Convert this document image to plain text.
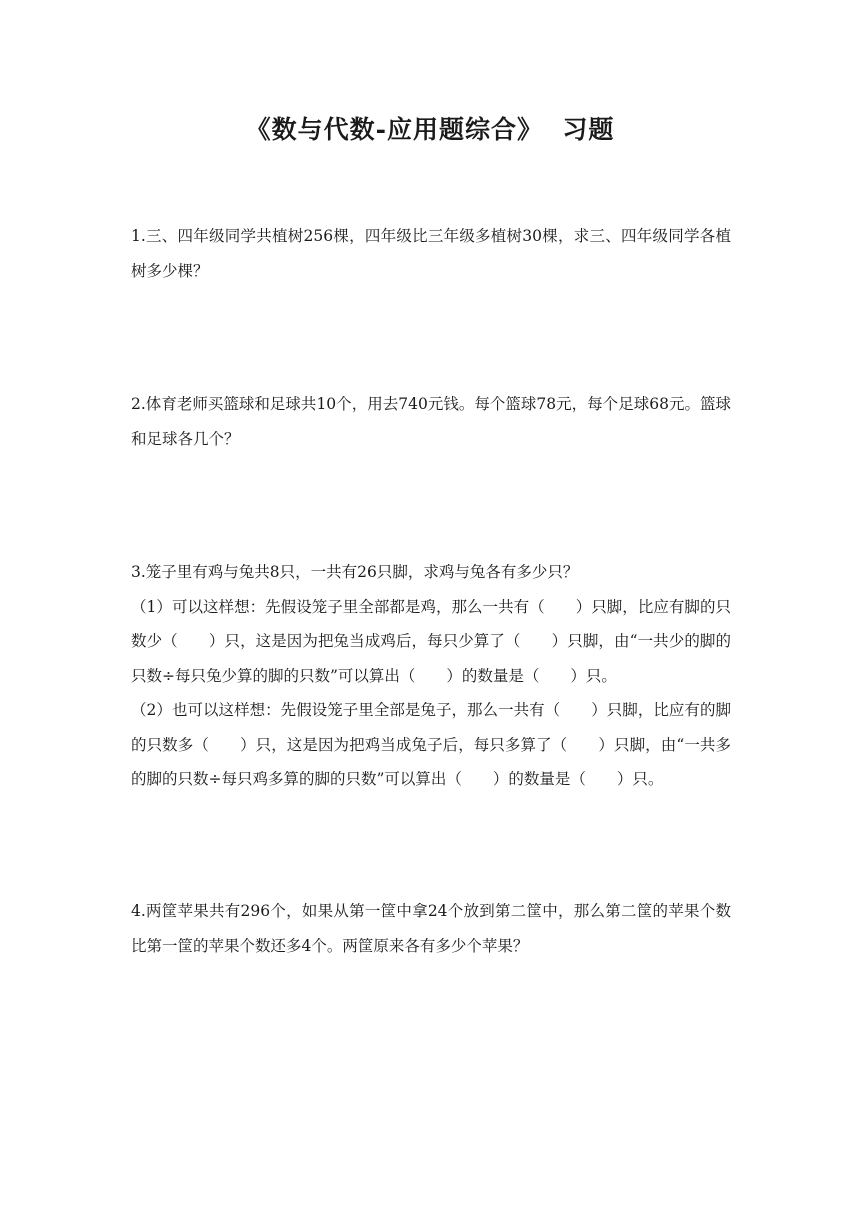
《数与代数-应用题综合》  习题

1.三、四年级同学共植树256棵，四年级比三年级多植树30棵，求三、四年级同学各植树多少棵？

2.体育老师买篮球和足球共10个，用去740元钱。每个篮球78元，每个足球68元。篮球和足球各几个？

3.笼子里有鸡与兔共8只，一共有26只脚，求鸡与兔各有多少只？

（1）可以这样想：先假设笼子里全部都是鸡，那么一共有（　　）只脚，比应有脚的只数少（　　）只，这是因为把兔当成鸡后，每只少算了（　　）只脚，由“一共少的脚的只数÷每只兔少算的脚的只数”可以算出（　　）的数量是（　　）只。

（2）也可以这样想：先假设笼子里全部是兔子，那么一共有（　　）只脚，比应有的脚的只数多（　　）只，这是因为把鸡当成兔子后，每只多算了（　　）只脚，由“一共多的脚的只数÷每只鸡多算的脚的只数”可以算出（　　）的数量是（　　）只。

4.两筐苹果共有296个，如果从第一筐中拿24个放到第二筐中，那么第二筐的苹果个数比第一筐的苹果个数还多4个。两筐原来各有多少个苹果？
